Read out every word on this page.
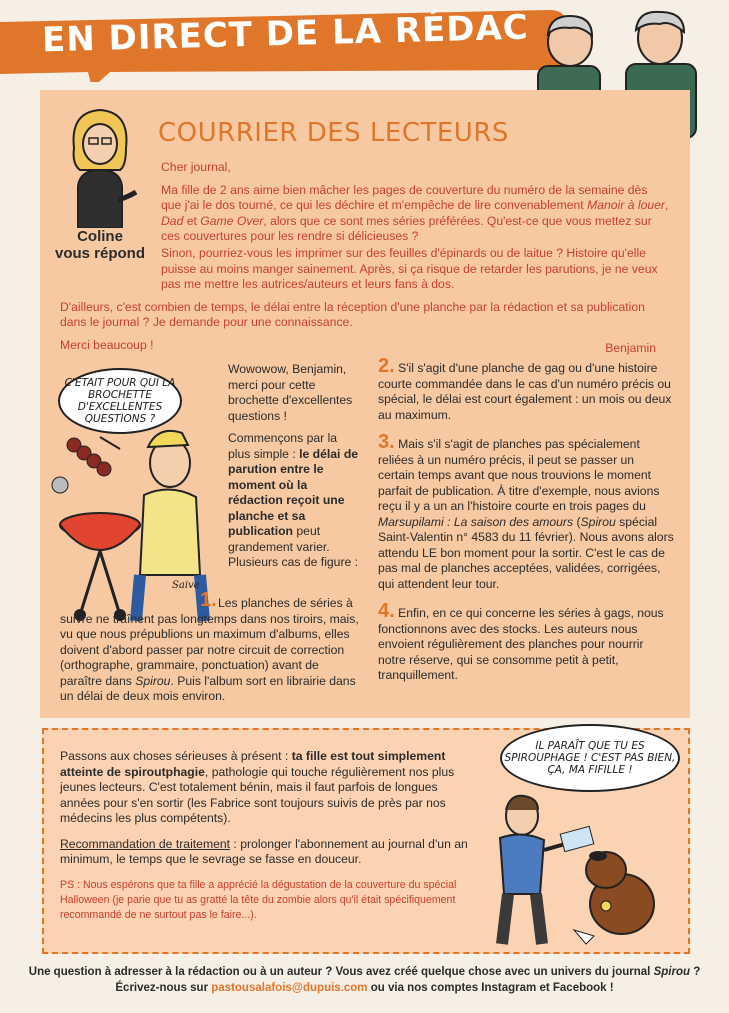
EN DIRECT DE LA RÉDAC
Coline
vous répond
COURRIER DES LECTEURS

Cher journal,

Ma fille de 2 ans aime bien mâcher les pages de couverture du numéro de la semaine dès que j'ai le dos tourné, ce qui les déchire et m'empêche de lire convenablement Manoir à louer, Dad et Game Over, alors que ce sont mes séries préférées. Qu'est-ce que vous mettez sur ces couvertures pour les rendre si délicieuses ?

Sinon, pourriez-vous les imprimer sur des feuilles d'épinards ou de laitue ? Histoire qu'elle puisse au moins manger sainement. Après, si ça risque de retarder les parutions, je ne veux pas me mettre les autrices/auteurs et leurs fans à dos.

D'ailleurs, c'est combien de temps, le délai entre la réception d'une planche par la rédaction et sa publication dans le journal ? Je demande pour une connaissance.

Merci beaucoup !	Benjamin
C'ÉTAIT POUR QUI LA BROCHETTE D'EXCELLENTES QUESTIONS ?
Saive

Wowowow, Benjamin, merci pour cette brochette d'excellentes questions !

Commençons par la plus simple : le délai de parution entre le moment où la rédaction reçoit une planche et sa publication peut grandement varier. Plusieurs cas de figure :

1. Les planches de séries à suivre ne traînent pas longtemps dans nos tiroirs, mais, vu que nous prépublions un maximum d'albums, elles doivent d'abord passer par notre circuit de correction (orthographe, grammaire, ponctuation) avant de paraître dans Spirou. Puis l'album sort en librairie dans un délai de deux mois environ.

2. S'il s'agit d'une planche de gag ou d'une histoire courte commandée dans le cas d'un numéro précis ou spécial, le délai est court également : un mois ou deux au maximum.

3. Mais s'il s'agit de planches pas spécialement reliées à un numéro précis, il peut se passer un certain temps avant que nous trouvions le moment parfait de publication. À titre d'exemple, nous avions reçu il y a un an l'histoire courte en trois pages du Marsupilami : La saison des amours (Spirou spécial Saint-Valentin n° 4583 du 11 février). Nous avons alors attendu LE bon moment pour la sortir. C'est le cas de pas mal de planches acceptées, validées, corrigées, qui attendent leur tour.

4. Enfin, en ce qui concerne les séries à gags, nous fonctionnons avec des stocks. Les auteurs nous envoient régulièrement des planches pour nourrir notre réserve, qui se consomme petit à petit, tranquillement.

Passons aux choses sérieuses à présent : ta fille est tout simplement atteinte de spiroutphagie, pathologie qui touche régulièrement nos plus jeunes lecteurs. C'est totalement bénin, mais il faut parfois de longues années pour s'en sortir (les Fabrice sont toujours suivis de près par nos médecins les plus compétents).

Recommandation de traitement : prolonger l'abonnement au journal d'un an minimum, le temps que le sevrage se fasse en douceur.

PS : Nous espérons que ta fille a apprécié la dégustation de la couverture du spécial Halloween (je parie que tu as gratté la tête du zombie alors qu'il était spécifiquement recommandé de ne surtout pas le faire...).

IL PARAÎT QUE TU ES SPIROUPHAGE ! C'EST PAS BIEN, ÇA, MA FIFILLE !
Une question à adresser à la rédaction ou à un auteur ? Vous avez créé quelque chose avec un univers du journal Spirou ?
Écrivez-nous sur pastousalafois@dupuis.com ou via nos comptes Instagram et Facebook !
